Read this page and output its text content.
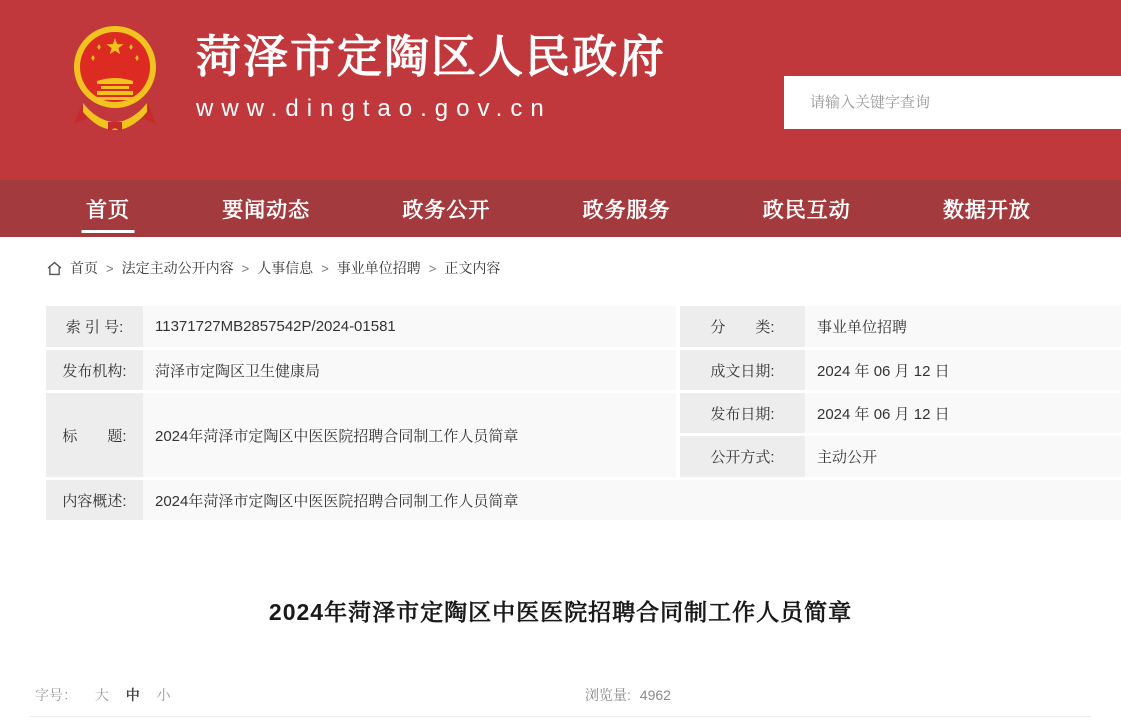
菏泽市定陶区人民政府
www.dingtao.gov.cn
请输入关键字查询
首页	要闻动态	政务公开	政务服务	政民互动	数据开放
首页 > 法定主动公开内容 > 人事信息 > 事业单位招聘 > 正文内容
索 引 号:	11371727MB2857542P/2024-01581	分　　类:	事业单位招聘
发布机构:	菏泽市定陶区卫生健康局	成文日期:	2024 年 06 月 12 日
标　　题:	2024年菏泽市定陶区中医医院招聘合同制工作人员简章
发布日期:	2024 年 06 月 12 日
公开方式:	主动公开
内容概述:	2024年菏泽市定陶区中医医院招聘合同制工作人员简章
2024年菏泽市定陶区中医医院招聘合同制工作人员简章
字号： 大 中 小	浏览量: 4962
